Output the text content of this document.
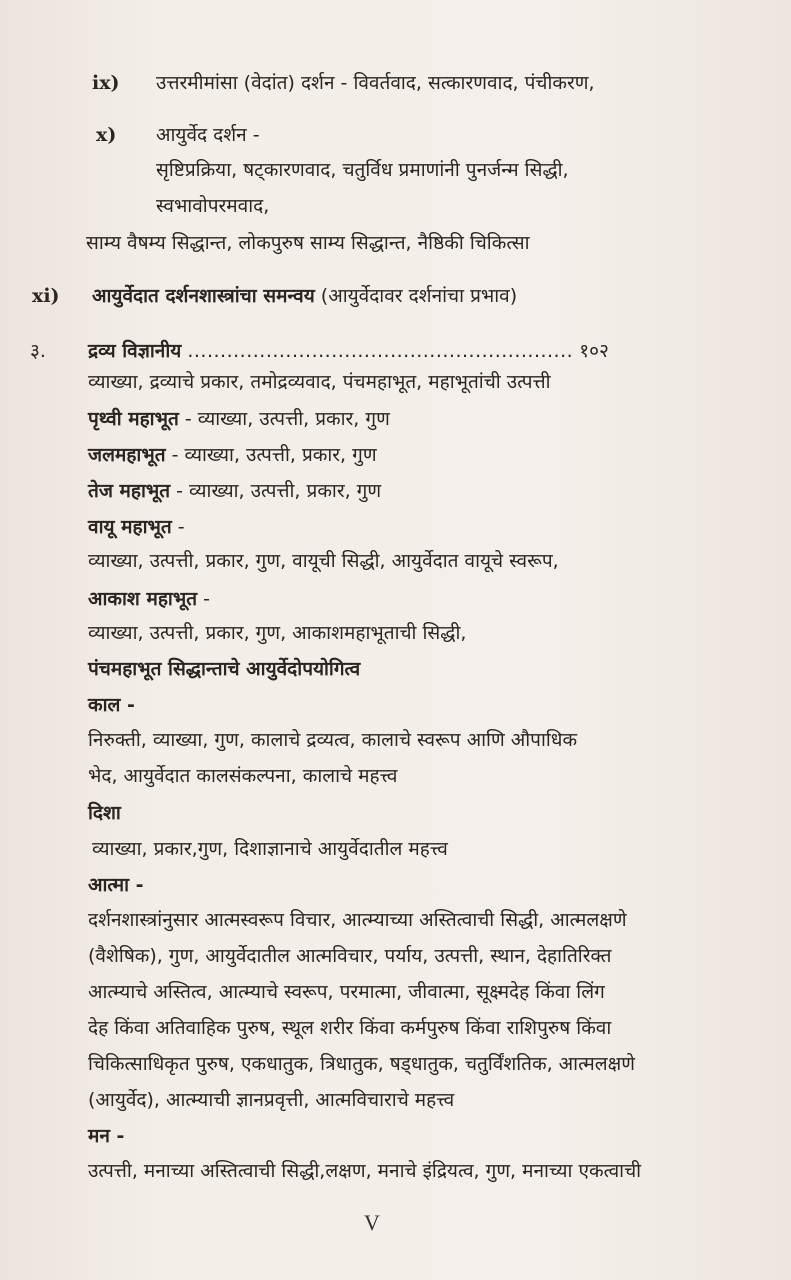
ix) उत्तरमीमांसा (वेदांत) दर्शन - विवर्तवाद, सत्कारणवाद, पंचीकरण,
x) आयुर्वेद दर्शन -
सृष्टिप्रक्रिया, षट्कारणवाद, चतुर्विध प्रमाणांनी पुनर्जन्म सिद्धी,
स्वभावोपरमवाद,
साम्य वैषम्य सिद्धान्त, लोकपुरुष साम्य सिद्धान्त, नैष्ठिकी चिकित्सा
xi) आयुर्वेदात दर्शनशास्त्रांचा समन्वय (आयुर्वेदावर दर्शनांचा प्रभाव)
३. द्रव्य विज्ञानीय ........................................................... १०२
व्याख्या, द्रव्याचे प्रकार, तमोद्रव्यवाद, पंचमहाभूत, महाभूतांची उत्पत्ती
पृथ्वी महाभूत - व्याख्या, उत्पत्ती, प्रकार, गुण
जलमहाभूत - व्याख्या, उत्पत्ती, प्रकार, गुण
तेज महाभूत - व्याख्या, उत्पत्ती, प्रकार, गुण
वायू महाभूत -
व्याख्या, उत्पत्ती, प्रकार, गुण, वायूची सिद्धी, आयुर्वेदात वायूचे स्वरूप,
आकाश महाभूत -
व्याख्या, उत्पत्ती, प्रकार, गुण, आकाशमहाभूताची सिद्धी,
पंचमहाभूत सिद्धान्ताचे आयुर्वेदोपयोगित्व
काल -
निरुक्ती, व्याख्या, गुण, कालाचे द्रव्यत्व, कालाचे स्वरूप आणि औपाधिक
भेद, आयुर्वेदात कालसंकल्पना, कालाचे महत्त्व
दिशा
व्याख्या, प्रकार,गुण, दिशाज्ञानाचे आयुर्वेदातील महत्त्व
आत्मा -
दर्शनशास्त्रांनुसार आत्मस्वरूप विचार, आत्म्याच्या अस्तित्वाची सिद्धी, आत्मलक्षणे
(वैशेषिक), गुण, आयुर्वेदातील आत्मविचार, पर्याय, उत्पत्ती, स्थान, देहातिरिक्त
आत्म्याचे अस्तित्व, आत्म्याचे स्वरूप, परमात्मा, जीवात्मा, सूक्ष्मदेह किंवा लिंग
देह किंवा अतिवाहिक पुरुष, स्थूल शरीर किंवा कर्मपुरुष किंवा राशिपुरुष किंवा
चिकित्साधिकृत पुरुष, एकधातुक, त्रिधातुक, षड्‌धातुक, चतुर्विंशतिक, आत्मलक्षणे
(आयुर्वेद), आत्म्याची ज्ञानप्रवृत्ती, आत्मविचाराचे महत्त्व
मन -
उत्पत्ती, मनाच्या अस्तित्वाची सिद्धी,लक्षण, मनाचे इंद्रियत्व, गुण, मनाच्या एकत्वाची
V
